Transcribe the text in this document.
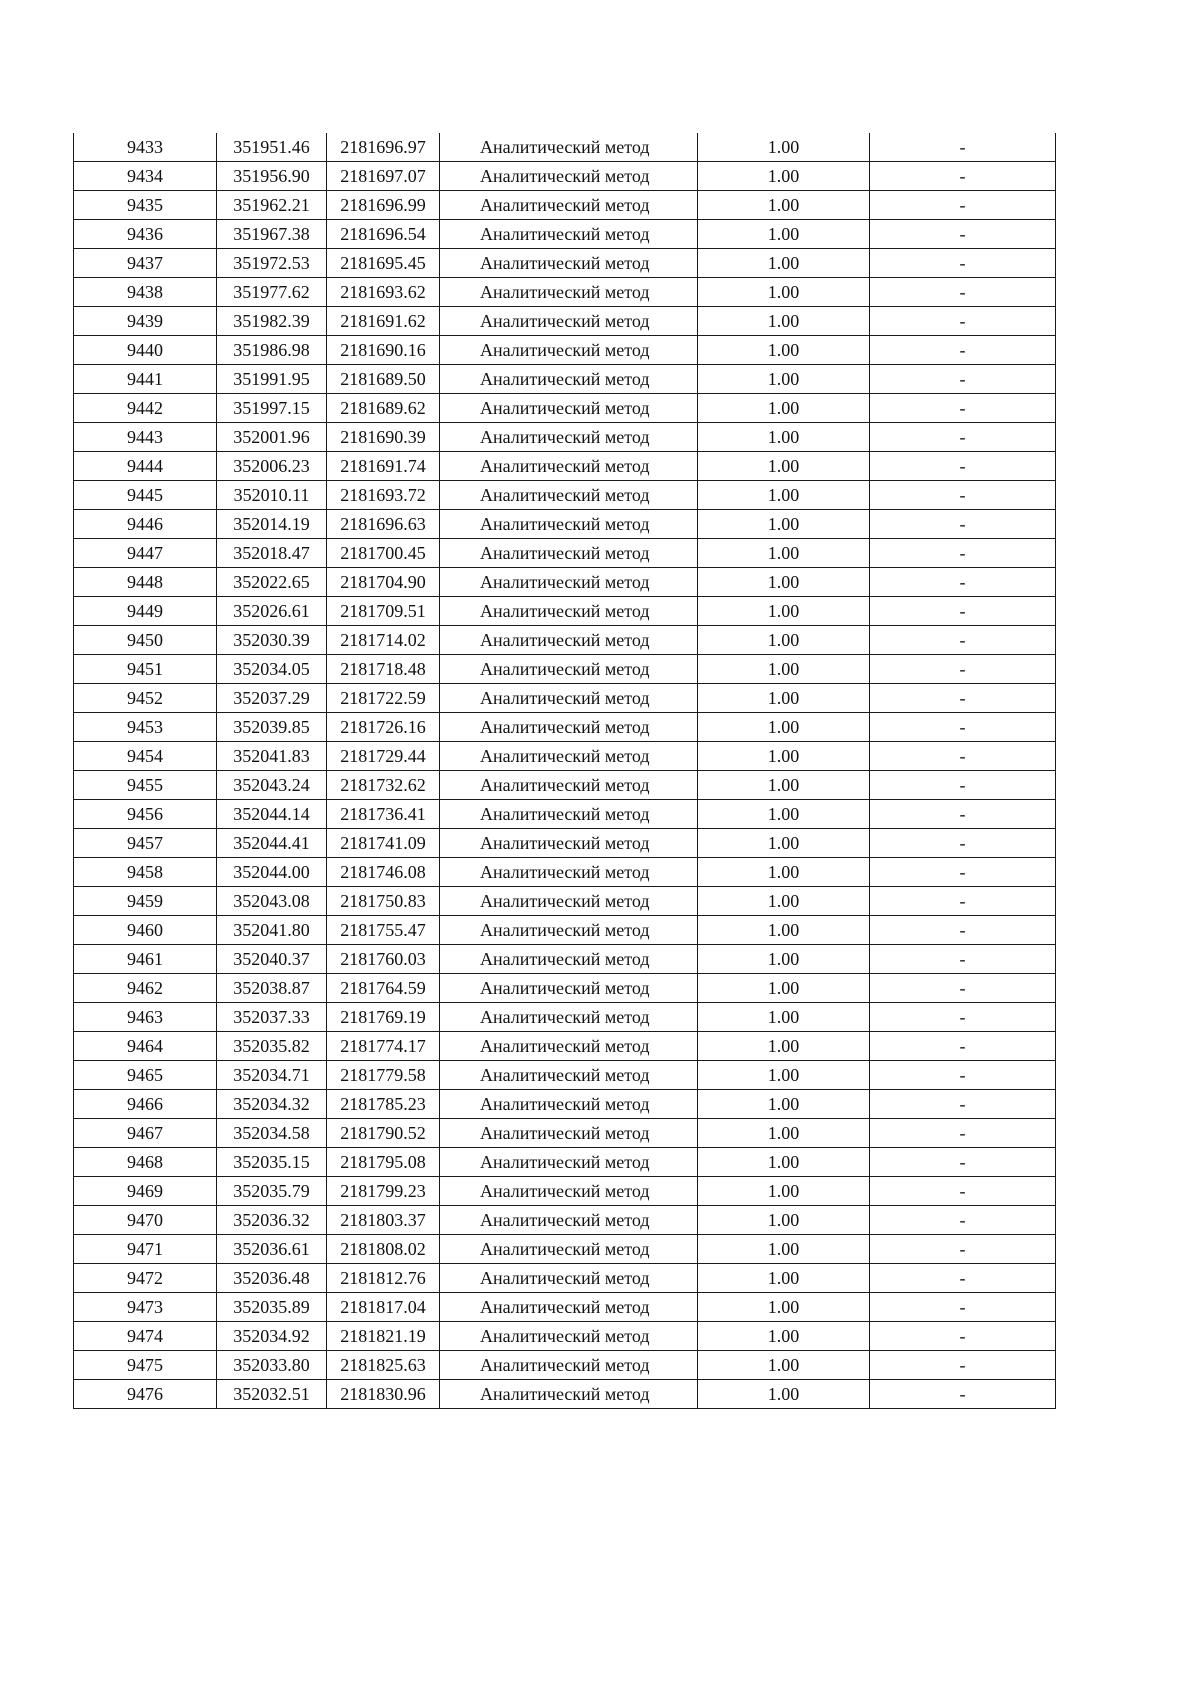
9433	351951.46	2181696.97	Аналитический метод	1.00	-
9434	351956.90	2181697.07	Аналитический метод	1.00	-
9435	351962.21	2181696.99	Аналитический метод	1.00	-
9436	351967.38	2181696.54	Аналитический метод	1.00	-
9437	351972.53	2181695.45	Аналитический метод	1.00	-
9438	351977.62	2181693.62	Аналитический метод	1.00	-
9439	351982.39	2181691.62	Аналитический метод	1.00	-
9440	351986.98	2181690.16	Аналитический метод	1.00	-
9441	351991.95	2181689.50	Аналитический метод	1.00	-
9442	351997.15	2181689.62	Аналитический метод	1.00	-
9443	352001.96	2181690.39	Аналитический метод	1.00	-
9444	352006.23	2181691.74	Аналитический метод	1.00	-
9445	352010.11	2181693.72	Аналитический метод	1.00	-
9446	352014.19	2181696.63	Аналитический метод	1.00	-
9447	352018.47	2181700.45	Аналитический метод	1.00	-
9448	352022.65	2181704.90	Аналитический метод	1.00	-
9449	352026.61	2181709.51	Аналитический метод	1.00	-
9450	352030.39	2181714.02	Аналитический метод	1.00	-
9451	352034.05	2181718.48	Аналитический метод	1.00	-
9452	352037.29	2181722.59	Аналитический метод	1.00	-
9453	352039.85	2181726.16	Аналитический метод	1.00	-
9454	352041.83	2181729.44	Аналитический метод	1.00	-
9455	352043.24	2181732.62	Аналитический метод	1.00	-
9456	352044.14	2181736.41	Аналитический метод	1.00	-
9457	352044.41	2181741.09	Аналитический метод	1.00	-
9458	352044.00	2181746.08	Аналитический метод	1.00	-
9459	352043.08	2181750.83	Аналитический метод	1.00	-
9460	352041.80	2181755.47	Аналитический метод	1.00	-
9461	352040.37	2181760.03	Аналитический метод	1.00	-
9462	352038.87	2181764.59	Аналитический метод	1.00	-
9463	352037.33	2181769.19	Аналитический метод	1.00	-
9464	352035.82	2181774.17	Аналитический метод	1.00	-
9465	352034.71	2181779.58	Аналитический метод	1.00	-
9466	352034.32	2181785.23	Аналитический метод	1.00	-
9467	352034.58	2181790.52	Аналитический метод	1.00	-
9468	352035.15	2181795.08	Аналитический метод	1.00	-
9469	352035.79	2181799.23	Аналитический метод	1.00	-
9470	352036.32	2181803.37	Аналитический метод	1.00	-
9471	352036.61	2181808.02	Аналитический метод	1.00	-
9472	352036.48	2181812.76	Аналитический метод	1.00	-
9473	352035.89	2181817.04	Аналитический метод	1.00	-
9474	352034.92	2181821.19	Аналитический метод	1.00	-
9475	352033.80	2181825.63	Аналитический метод	1.00	-
9476	352032.51	2181830.96	Аналитический метод	1.00	-
